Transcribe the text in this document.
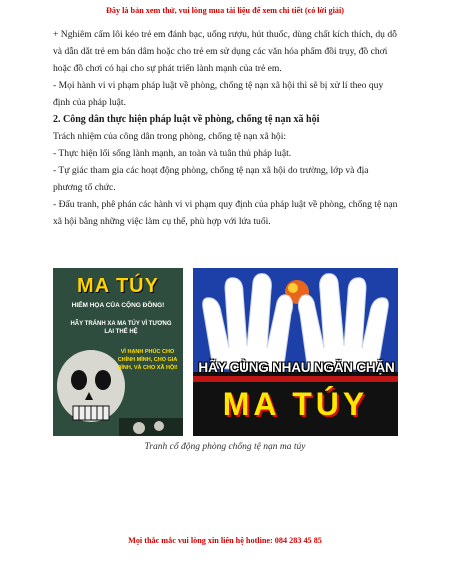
Đây là bản xem thử, vui lòng mua tài liệu để xem chi tiết (có lời giải)

+ Nghiêm cấm lôi kéo trẻ em đánh bạc, uống rượu, hút thuốc, dùng chất kích thích, dụ dỗ và dẫn dắt trẻ em bán dâm hoặc cho trẻ em sử dụng các văn hóa phẩm đồi trụy, đồ chơi hoặc đồ chơi có hại cho sự phát triển lành mạnh của trẻ em.

- Mọi hành vi vi phạm pháp luật về phòng, chống tệ nạn xã hội thì sẽ bị xử lí theo quy định của pháp luật.

2. Công dân thực hiện pháp luật về phòng, chống tệ nạn xã hội

Trách nhiệm của công dân trong phòng, chống tệ nạn xã hội:

- Thực hiện lối sống lành mạnh, an toàn và tuân thủ pháp luật.

- Tự giác tham gia các hoạt động phòng, chống tệ nạn xã hội do trường, lớp và địa phương tổ chức.

- Đấu tranh, phê phán các hành vi vi phạm quy định của pháp luật về phòng, chống tệ nạn xã hội bằng những việc làm cụ thể, phù hợp với lứa tuổi.

MA TÚY
HIỂM HỌA CỦA CỘNG ĐỒNG!
HÃY TRÁNH XA MA TÚY VÌ TƯƠNG LAI THẾ HỆ
VÌ HẠNH PHÚC CHO CHÍNH MÌNH, CHO GIA ĐÌNH, VÀ CHO XÃ HỘI! HÃY CÙNG NHAU NGĂN CHẶN
MA TÚY
Tranh cổ động phòng chống tệ nạn ma túy
Mọi thắc mắc vui lòng xin liên hệ hotline: 084 283 45 85
